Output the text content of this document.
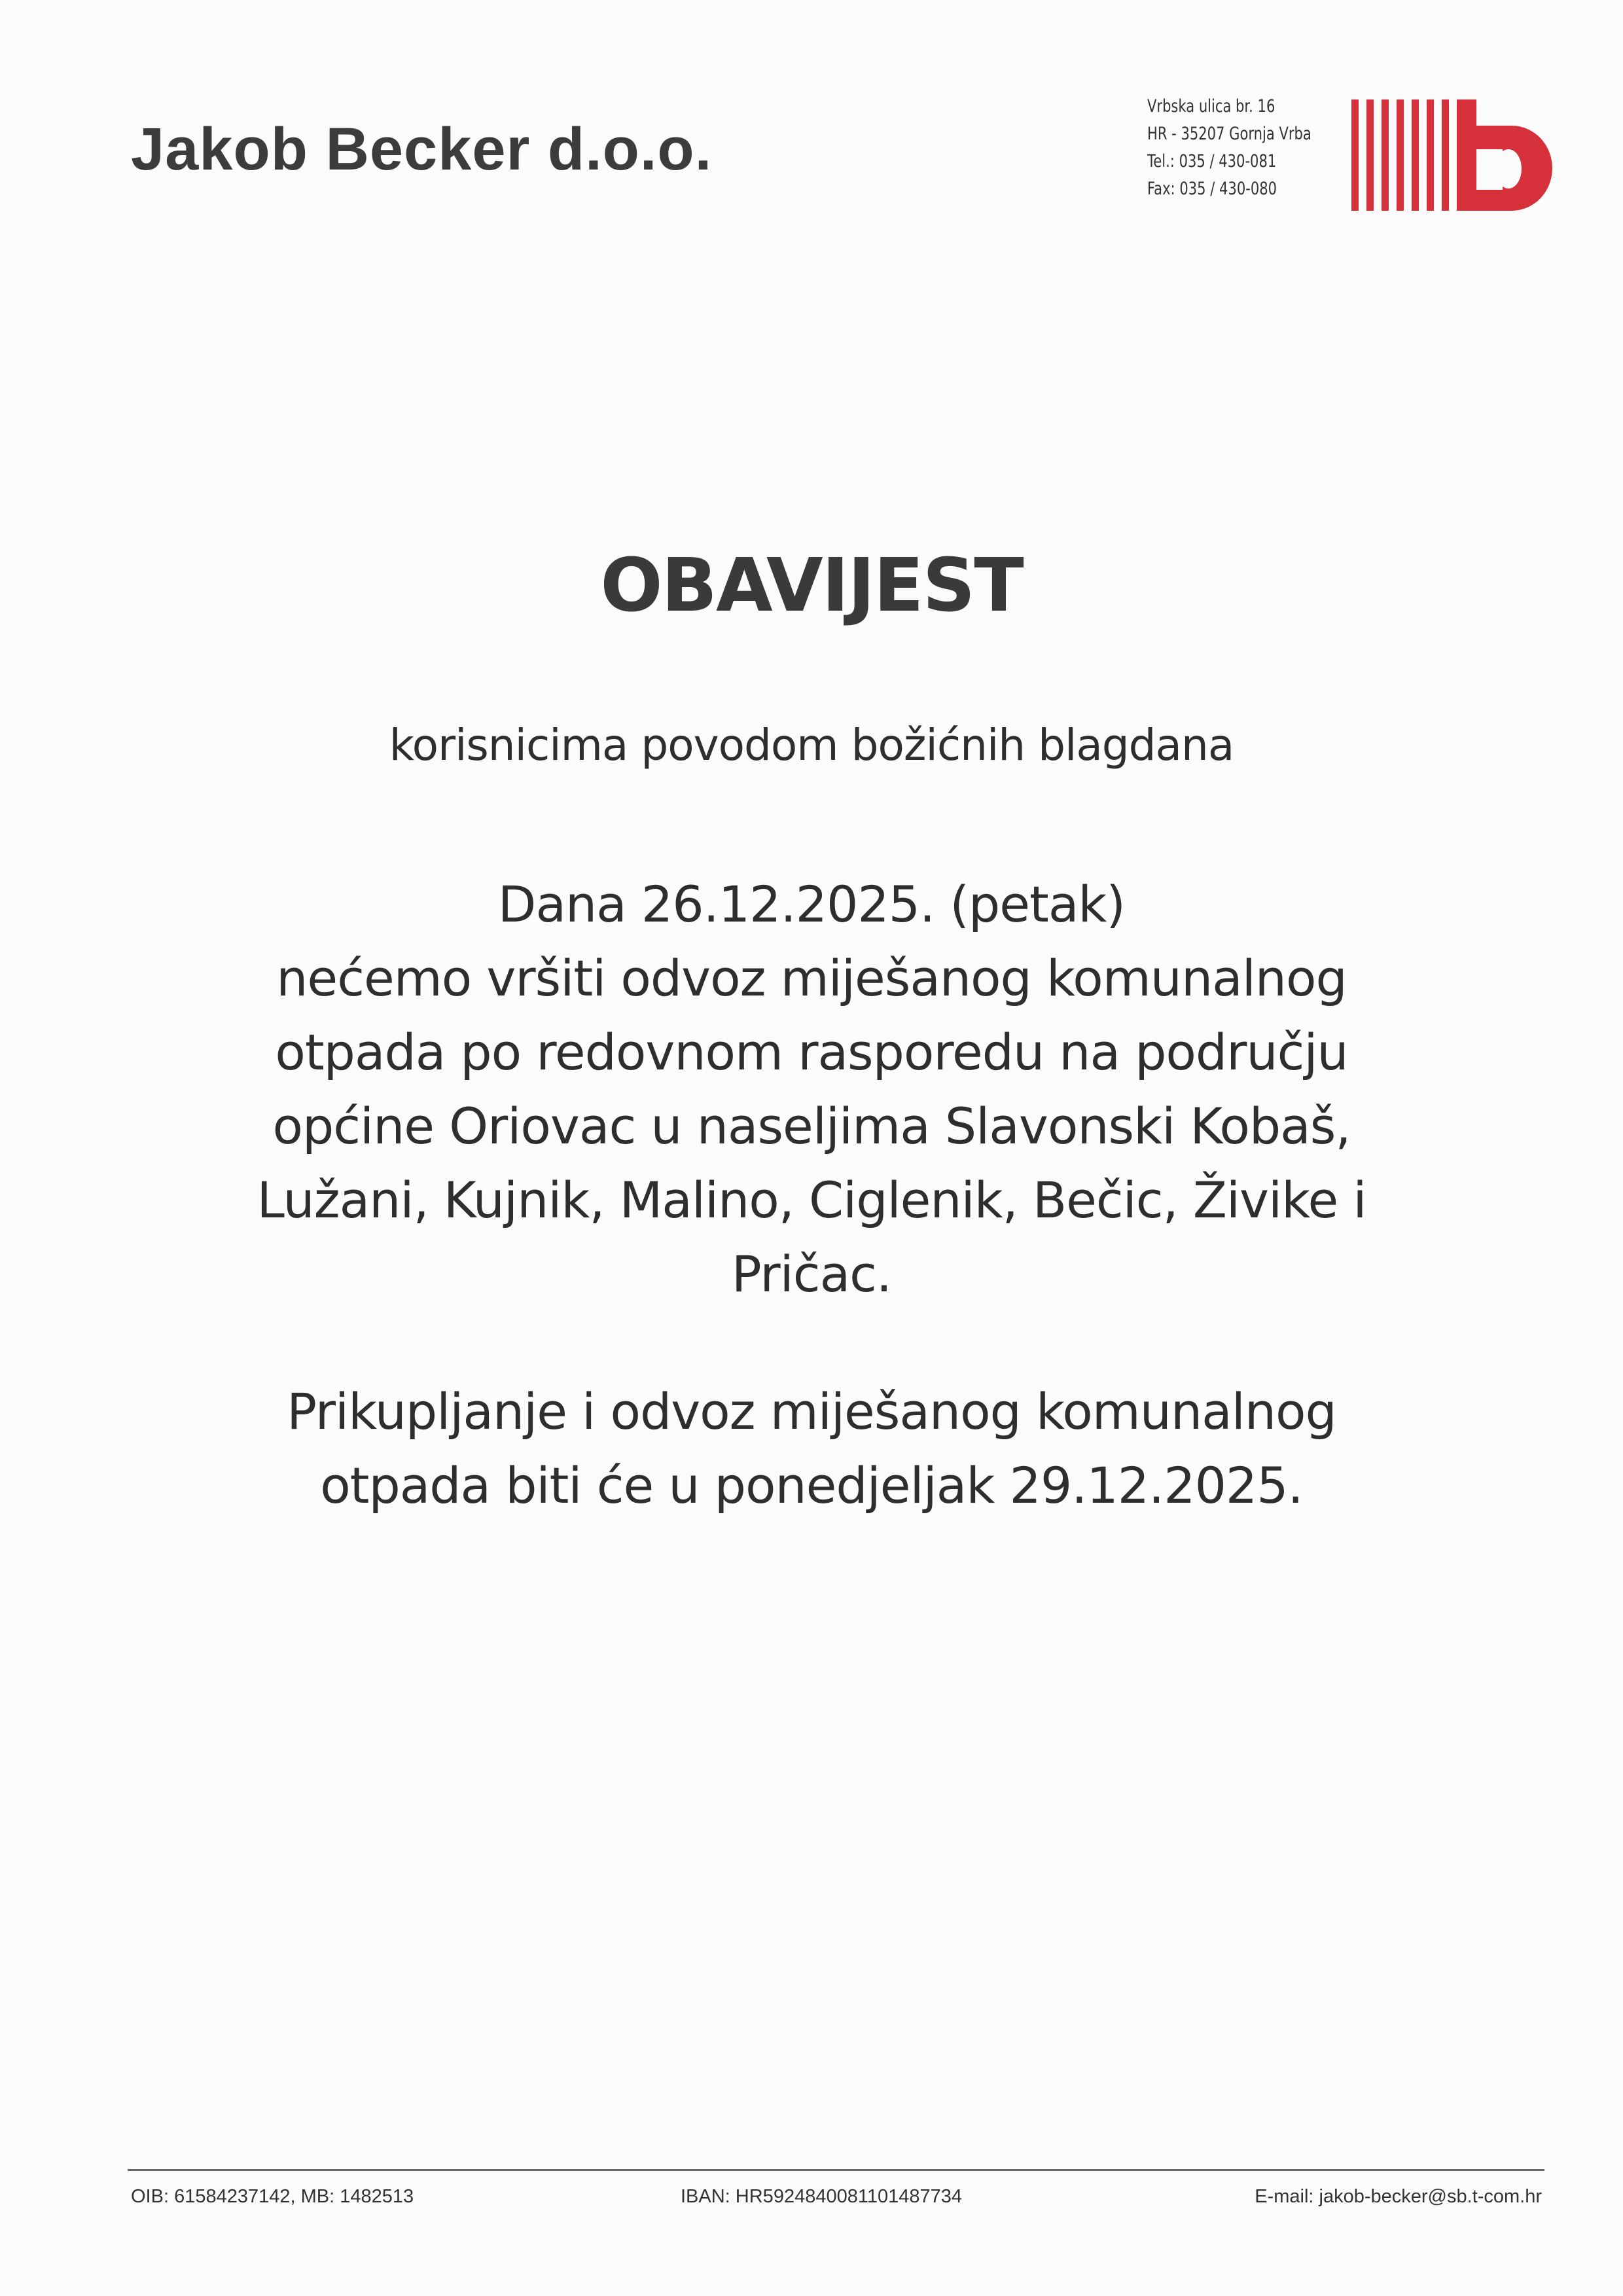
Jakob Becker d.o.o.
Vrbska ulica br. 16
HR - 35207 Gornja Vrba
Tel.: 035 / 430-081
Fax: 035 / 430-080
OBAVIJEST
korisnicima povodom božićnih blagdana
Dana 26.12.2025. (petak)
nećemo vršiti odvoz miješanog komunalnog
otpada po redovnom rasporedu na području
općine Oriovac u naseljima Slavonski Kobaš,
Lužani, Kujnik, Malino, Ciglenik, Bečic, Živike i
Pričac.
Prikupljanje i odvoz miješanog komunalnog
otpada biti će u ponedjeljak 29.12.2025.
OIB: 61584237142, MB: 1482513	IBAN: HR5924840081101487734	E-mail: jakob-becker@sb.t-com.hr
